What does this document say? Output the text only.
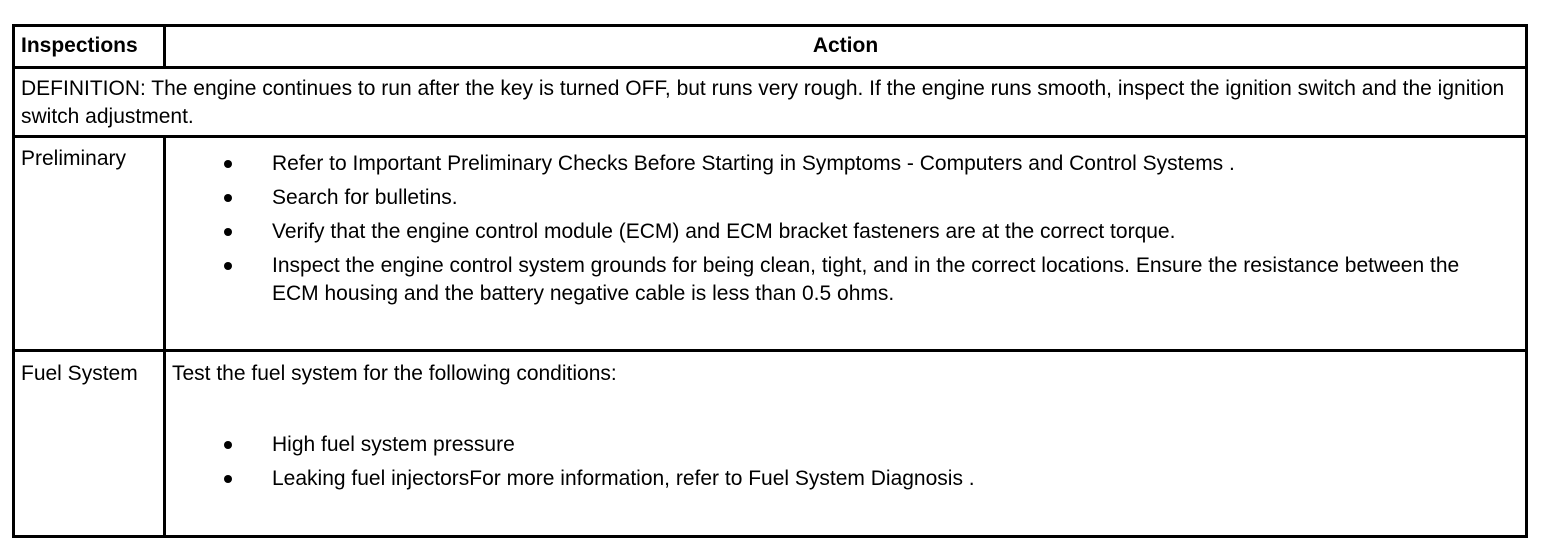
Inspections	Action
DEFINITION: The engine continues to run after the key is turned OFF, but runs very rough. If the engine runs smooth, inspect the ignition switch and the ignition switch adjustment.
Preliminary	Refer to Important Preliminary Checks Before Starting in Symptoms - Computers and Control Systems .
Search for bulletins.
Verify that the engine control module (ECM) and ECM bracket fasteners are at the correct torque.
Inspect the engine control system grounds for being clean, tight, and in the correct locations. Ensure the resistance between the ECM housing and the battery negative cable is less than 0.5 ohms.
Fuel System	Test the fuel system for the following conditions:
High fuel system pressure
Leaking fuel injectorsFor more information, refer to Fuel System Diagnosis .
